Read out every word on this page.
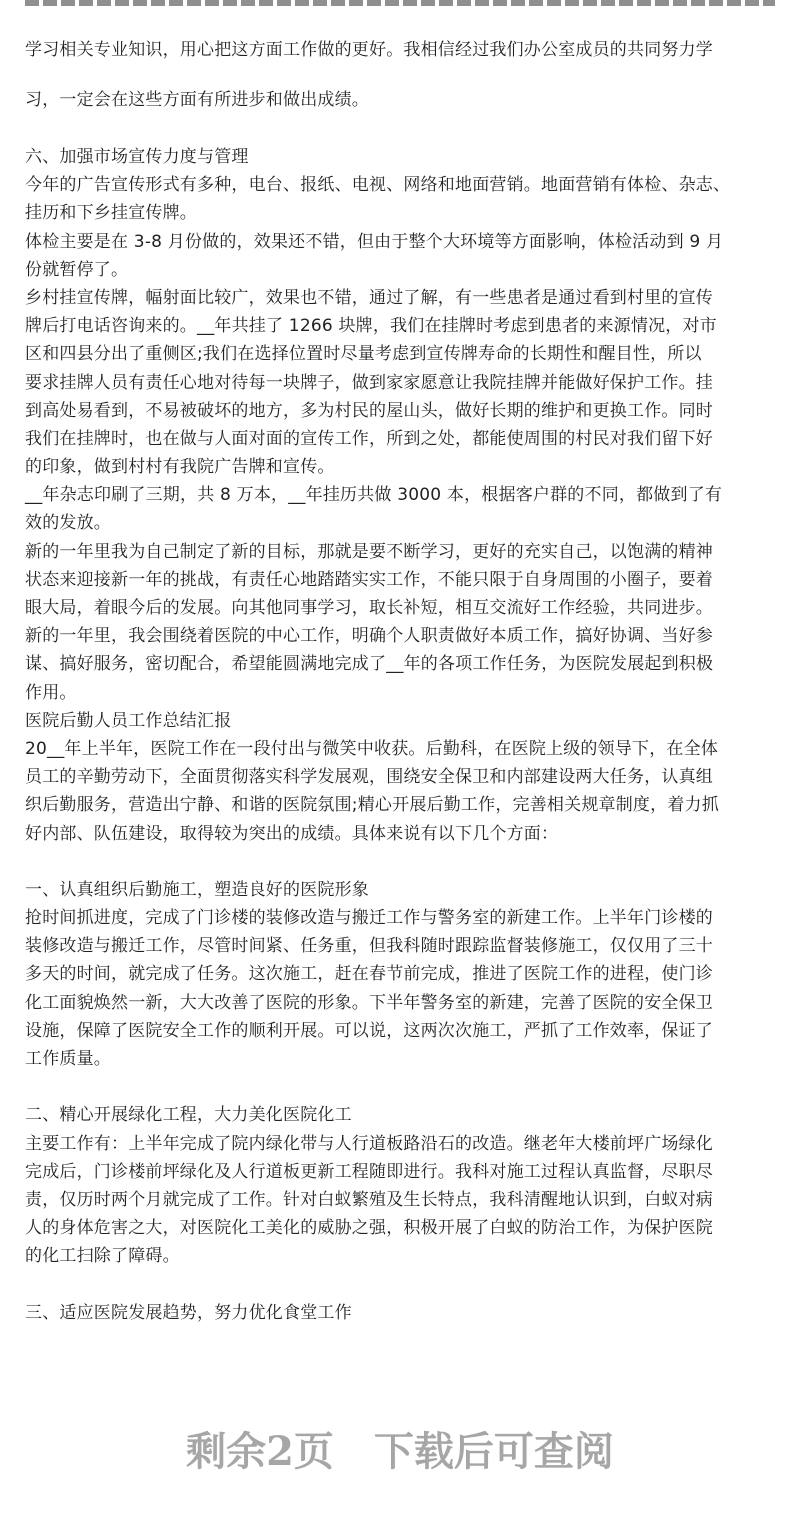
学习相关专业知识，用心把这方面工作做的更好。我相信经过我们办公室成员的共同努力学
习，一定会在这些方面有所进步和做出成绩。
六、加强市场宣传力度与管理
今年的广告宣传形式有多种，电台、报纸、电视、网络和地面营销。地面营销有体检、杂志、
挂历和下乡挂宣传牌。
体检主要是在 3-8 月份做的，效果还不错，但由于整个大环境等方面影响，体检活动到 9 月
份就暂停了。
乡村挂宣传牌，幅射面比较广，效果也不错，通过了解，有一些患者是通过看到村里的宣传
牌后打电话咨询来的。__年共挂了 1266 块牌，我们在挂牌时考虑到患者的来源情况，对市
区和四县分出了重侧区;我们在选择位置时尽量考虑到宣传牌寿命的长期性和醒目性，所以
要求挂牌人员有责任心地对待每一块牌子，做到家家愿意让我院挂牌并能做好保护工作。挂
到高处易看到，不易被破坏的地方，多为村民的屋山头，做好长期的维护和更换工作。同时
我们在挂牌时，也在做与人面对面的宣传工作，所到之处，都能使周围的村民对我们留下好
的印象，做到村村有我院广告牌和宣传。
__年杂志印刷了三期，共 8 万本，__年挂历共做 3000 本，根据客户群的不同，都做到了有
效的发放。
新的一年里我为自己制定了新的目标，那就是要不断学习，更好的充实自己，以饱满的精神
状态来迎接新一年的挑战，有责任心地踏踏实实工作，不能只限于自身周围的小圈子，要着
眼大局，着眼今后的发展。向其他同事学习，取长补短，相互交流好工作经验，共同进步。
新的一年里，我会围绕着医院的中心工作，明确个人职责做好本质工作，搞好协调、当好参
谋、搞好服务，密切配合，希望能圆满地完成了__年的各项工作任务，为医院发展起到积极
作用。
医院后勤人员工作总结汇报
20__年上半年，医院工作在一段付出与微笑中收获。后勤科，在医院上级的领导下，在全体
员工的辛勤劳动下，全面贯彻落实科学发展观，围绕安全保卫和内部建设两大任务，认真组
织后勤服务，营造出宁静、和谐的医院氛围;精心开展后勤工作，完善相关规章制度，着力抓
好内部、队伍建设，取得较为突出的成绩。具体来说有以下几个方面：
一、认真组织后勤施工，塑造良好的医院形象
抢时间抓进度，完成了门诊楼的装修改造与搬迁工作与警务室的新建工作。上半年门诊楼的
装修改造与搬迁工作，尽管时间紧、任务重，但我科随时跟踪监督装修施工，仅仅用了三十
多天的时间，就完成了任务。这次施工，赶在春节前完成，推进了医院工作的进程，使门诊
化工面貌焕然一新，大大改善了医院的形象。下半年警务室的新建，完善了医院的安全保卫
设施，保障了医院安全工作的顺利开展。可以说，这两次次施工，严抓了工作效率，保证了
工作质量。
二、精心开展绿化工程，大力美化医院化工
主要工作有：上半年完成了院内绿化带与人行道板路沿石的改造。继老年大楼前坪广场绿化
完成后，门诊楼前坪绿化及人行道板更新工程随即进行。我科对施工过程认真监督，尽职尽
责，仅历时两个月就完成了工作。针对白蚁繁殖及生长特点，我科清醒地认识到，白蚁对病
人的身体危害之大，对医院化工美化的威胁之强，积极开展了白蚁的防治工作，为保护医院
的化工扫除了障碍。
三、适应医院发展趋势，努力优化食堂工作
剩余2页 下载后可查阅
